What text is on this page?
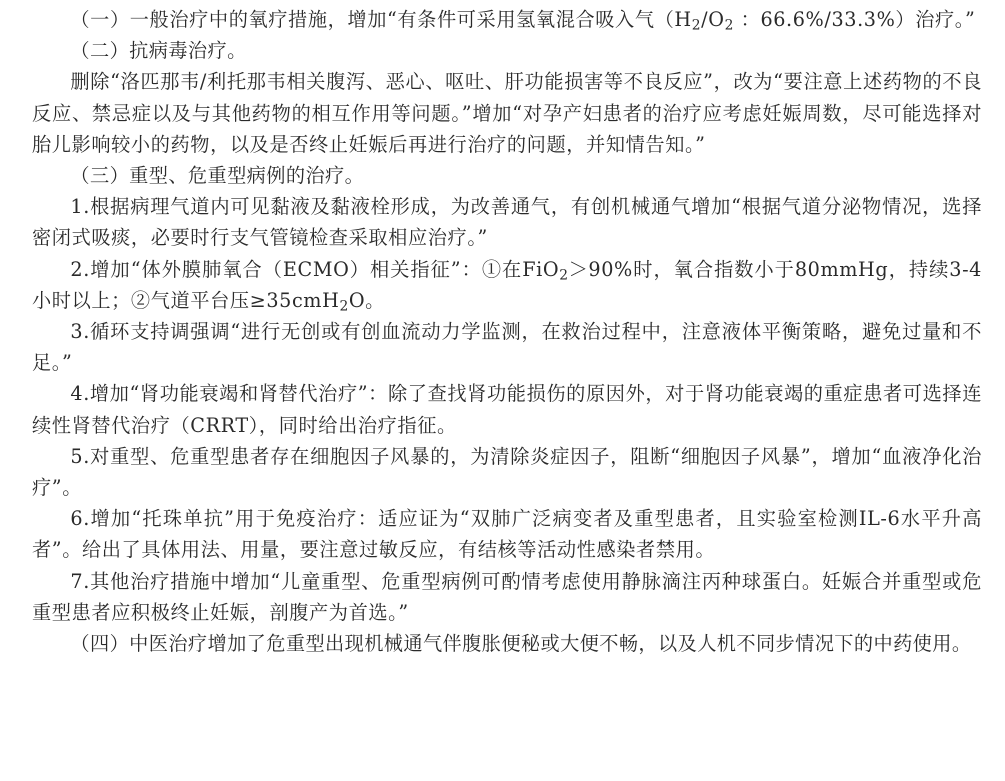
（一）一般治疗中的氧疗措施，增加“有条件可采用氢氧混合吸入气（$H_2/O_2$ ：66.6%/33.3%）治疗。”

（二）抗病毒治疗。

删除“洛匹那韦/利托那韦相关腹泻、恶心、呕吐、肝功能损害等不良反应”，改为“要注意上述药物的不良反应、禁忌症以及与其他药物的相互作用等问题。”增加“对孕产妇患者的治疗应考虑妊娠周数，尽可能选择对胎儿影响较小的药物，以及是否终止妊娠后再进行治疗的问题，并知情告知。”

（三）重型、危重型病例的治疗。

1.根据病理气道内可见黏液及黏液栓形成，为改善通气，有创机械通气增加“根据气道分泌物情况，选择密闭式吸痰，必要时行支气管镜检查采取相应治疗。”

2.增加“体外膜肺氧合（ECMO）相关指征”：①在FiO$_2$＞90%时，氧合指数小于80mmHg，持续3-4小时以上；②气道平台压≥35cmH$_2$O。

3.循环支持调强调“进行无创或有创血流动力学监测，在救治过程中，注意液体平衡策略，避免过量和不足。”

4.增加“肾功能衰竭和肾替代治疗”：除了查找肾功能损伤的原因外，对于肾功能衰竭的重症患者可选择连续性肾替代治疗（CRRT），同时给出治疗指征。

5.对重型、危重型患者存在细胞因子风暴的，为清除炎症因子，阻断“细胞因子风暴”，增加“血液净化治疗”。

6.增加“托珠单抗”用于免疫治疗：适应证为“双肺广泛病变者及重型患者，且实验室检测IL-6水平升高者”。给出了具体用法、用量，要注意过敏反应，有结核等活动性感染者禁用。

7.其他治疗措施中增加“儿童重型、危重型病例可酌情考虑使用静脉滴注丙种球蛋白。妊娠合并重型或危重型患者应积极终止妊娠，剖腹产为首选。”

（四）中医治疗增加了危重型出现机械通气伴腹胀便秘或大便不畅，以及人机不同步情况下的中药使用。
